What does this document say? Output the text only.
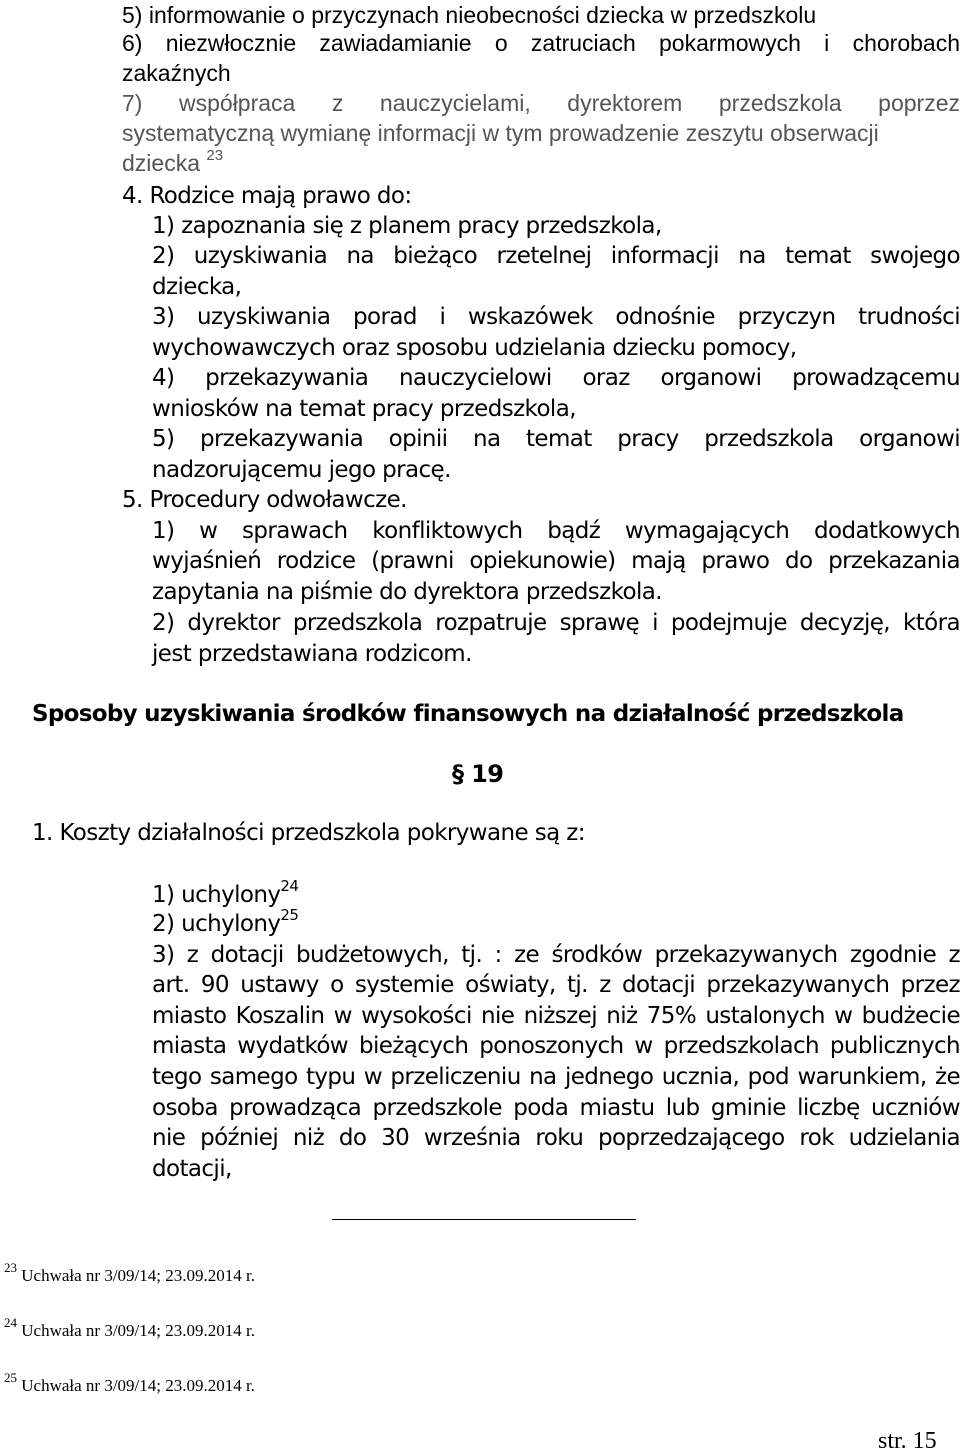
5) informowanie o przyczynach nieobecności dziecka w przedszkolu
6) niezwłocznie zawiadamianie o zatruciach pokarmowych i chorobach
zakaźnych
7) współpraca z nauczycielami, dyrektorem przedszkola poprzez
systematyczną wymianę informacji w tym prowadzenie zeszytu obserwacji
dziecka $^{23}$
4. Rodzice mają prawo do:
1) zapoznania się z planem pracy przedszkola,
2) uzyskiwania na bieżąco rzetelnej informacji na temat swojego
dziecka,
3) uzyskiwania porad i wskazówek odnośnie przyczyn trudności
wychowawczych oraz sposobu udzielania dziecku pomocy,
4) przekazywania nauczycielowi oraz organowi prowadzącemu
wniosków na temat pracy przedszkola,
5) przekazywania opinii na temat pracy przedszkola organowi
nadzorującemu jego pracę.
5. Procedury odwoławcze.
1) w sprawach konfliktowych bądź wymagających dodatkowych
wyjaśnień rodzice (prawni opiekunowie) mają prawo do przekazania
zapytania na piśmie do dyrektora przedszkola.
2) dyrektor przedszkola rozpatruje sprawę i podejmuje decyzję, która
jest przedstawiana rodzicom.
Sposoby uzyskiwania środków finansowych na działalność przedszkola
§ 19
1. Koszty działalności przedszkola pokrywane są z:
1) uchylony$^{24}$
2) uchylony$^{25}$
3) z dotacji budżetowych, tj. : ze środków przekazywanych zgodnie z
art. 90 ustawy o systemie oświaty, tj. z dotacji przekazywanych przez
miasto Koszalin w wysokości nie niższej niż 75% ustalonych w budżecie
miasta wydatków bieżących ponoszonych w przedszkolach publicznych
tego samego typu w przeliczeniu na jednego ucznia, pod warunkiem, że
osoba prowadząca przedszkole poda miastu lub gminie liczbę uczniów
nie później niż do 30 września roku poprzedzającego rok udzielania
dotacji,
$^{23}$ Uchwała nr 3/09/14; 23.09.2014 r.
$^{24}$ Uchwała nr 3/09/14; 23.09.2014 r.
$^{25}$ Uchwała nr 3/09/14; 23.09.2014 r.
str. 15
